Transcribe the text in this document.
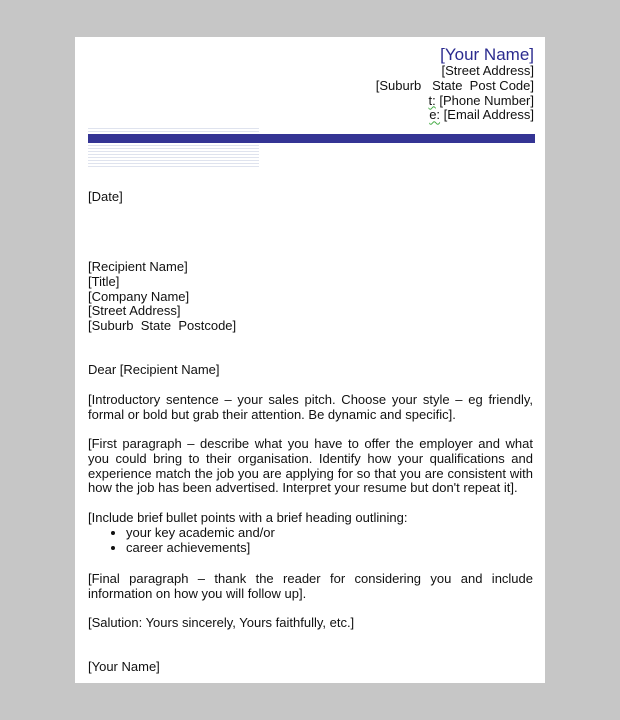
[Your Name]
[Street Address]
[Suburb   State  Post Code]
t: [Phone Number]
e: [Email Address]
[Date]
[Recipient Name]
[Title]
[Company Name]
[Street Address]
[Suburb  State  Postcode]
Dear [Recipient Name]
[Introductory sentence – your sales pitch. Choose your style – eg friendly, formal or bold but grab their attention. Be dynamic and specific].
[First paragraph – describe what you have to offer the employer and what you could bring to their organisation. Identify how your qualifications and experience match the job you are applying for so that you are consistent with how the job has been advertised. Interpret your resume but don't repeat it].
[Include brief bullet points with a brief heading outlining:
• your key academic and/or
• career achievements]
[Final paragraph – thank the reader for considering you and include information on how you will follow up].
[Salution: Yours sincerely, Yours faithfully, etc.]
[Your Name]
